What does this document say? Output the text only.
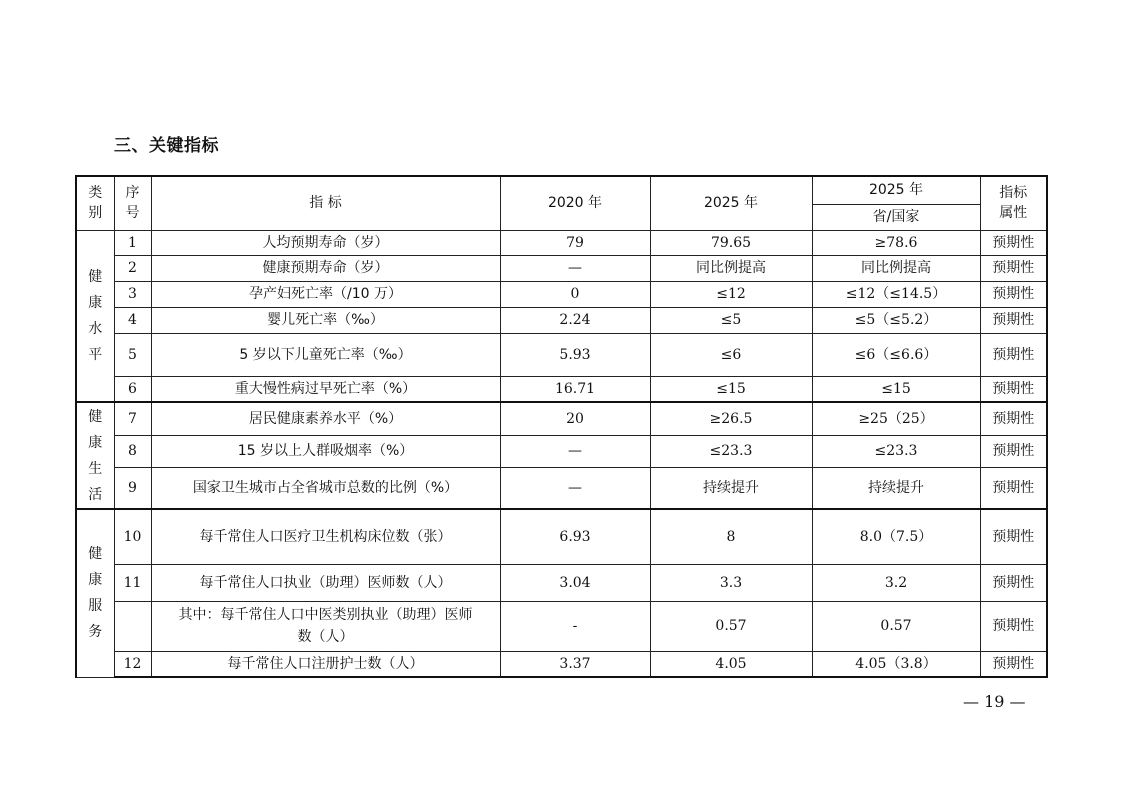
三、关键指标
类别	序号	指 标	2020 年	2025 年	2025 年	指标属性
					省/国家	
健康水平	1	人均预期寿命（岁）	79	79.65	≥78.6	预期性
	2	健康预期寿命（岁）	—	同比例提高	同比例提高	预期性
	3	孕产妇死亡率（/10 万）	0	≤12	≤12（≤14.5）	预期性
	4	婴儿死亡率（‰）	2.24	≤5	≤5（≤5.2）	预期性
	5	5 岁以下儿童死亡率（‰）	5.93	≤6	≤6（≤6.6）	预期性
	6	重大慢性病过早死亡率（%）	16.71	≤15	≤15	预期性
健康生活	7	居民健康素养水平（%）	20	≥26.5	≥25（25）	预期性
	8	15 岁以上人群吸烟率（%）	—	≤23.3	≤23.3	预期性
	9	国家卫生城市占全省城市总数的比例（%）	—	持续提升	持续提升	预期性
健康服务	10	每千常住人口医疗卫生机构床位数（张）	6.93	8	8.0（7.5）	预期性
	11	每千常住人口执业（助理）医师数（人）	3.04	3.3	3.2	预期性
		其中：每千常住人口中医类别执业（助理）医师数（人）	-	0.57	0.57	预期性
	12	每千常住人口注册护士数（人）	3.37	4.05	4.05（3.8）	预期性
— 19 —
